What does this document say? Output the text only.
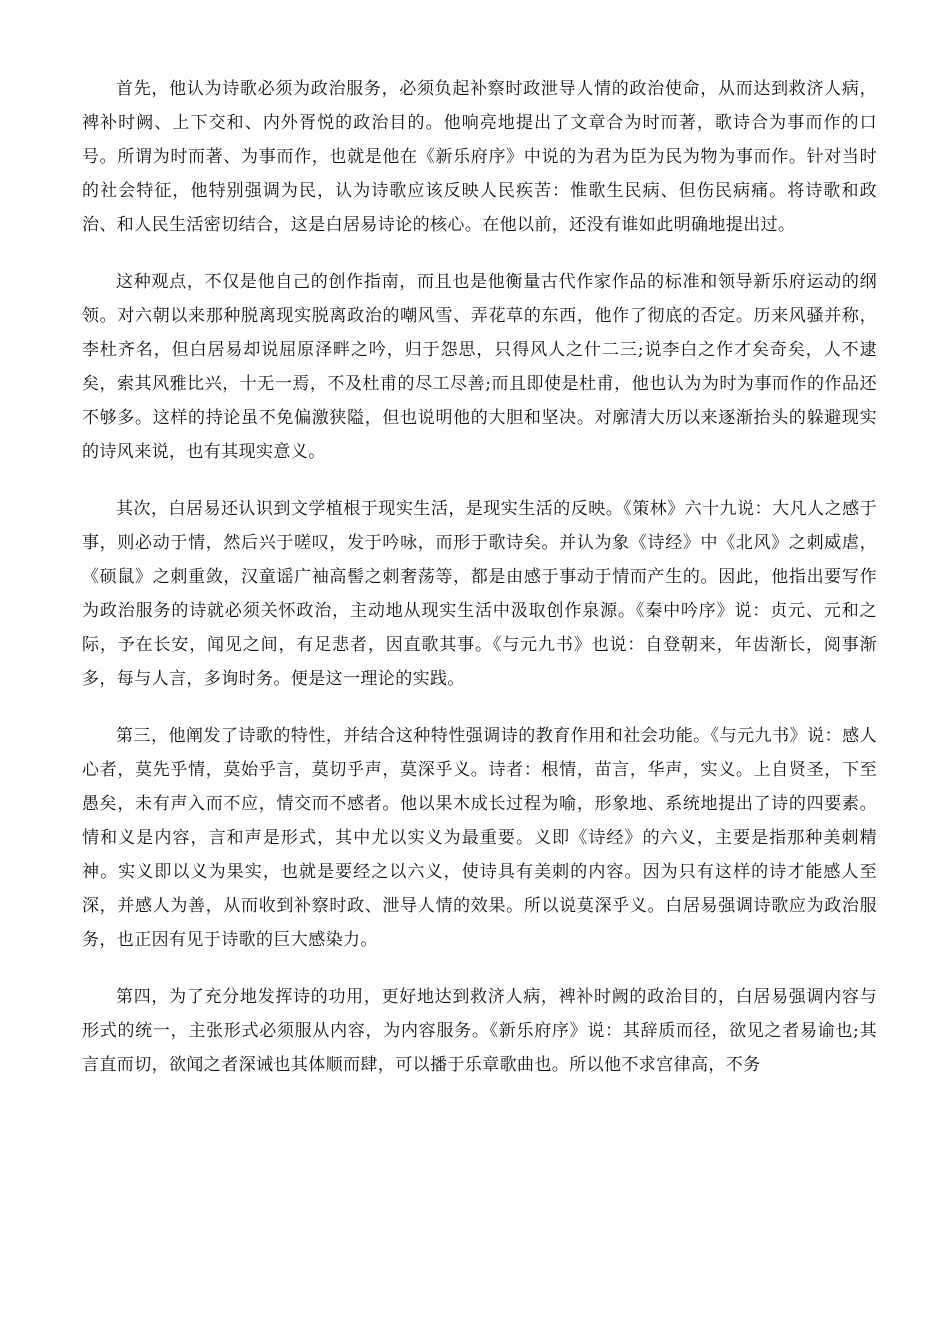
首先，他认为诗歌必须为政治服务，必须负起补察时政泄导人情的政治使命，从而达到救济人病，裨补时阙、上下交和、内外胥悦的政治目的。他响亮地提出了文章合为时而著，歌诗合为事而作的口号。所谓为时而著、为事而作，也就是他在《新乐府序》中说的为君为臣为民为物为事而作。针对当时的社会特征，他特别强调为民，认为诗歌应该反映人民疾苦：惟歌生民病、但伤民病痛。将诗歌和政治、和人民生活密切结合，这是白居易诗论的核心。在他以前，还没有谁如此明确地提出过。

这种观点，不仅是他自己的创作指南，而且也是他衡量古代作家作品的标准和领导新乐府运动的纲领。对六朝以来那种脱离现实脱离政治的嘲风雪、弄花草的东西，他作了彻底的否定。历来风骚并称，李杜齐名，但白居易却说屈原泽畔之吟，归于怨思，只得风人之什二三;说李白之作才矣奇矣，人不逮矣，索其风雅比兴，十无一焉，不及杜甫的尽工尽善;而且即使是杜甫，他也认为为时为事而作的作品还不够多。这样的持论虽不免偏激狭隘，但也说明他的大胆和坚决。对廓清大历以来逐渐抬头的躲避现实的诗风来说，也有其现实意义。

其次，白居易还认识到文学植根于现实生活，是现实生活的反映。《策林》六十九说：大凡人之感于事，则必动于情，然后兴于嗟叹，发于吟咏，而形于歌诗矣。并认为象《诗经》中《北风》之刺威虐，《硕鼠》之刺重敛，汉童谣广袖高髻之刺奢荡等，都是由感于事动于情而产生的。因此，他指出要写作为政治服务的诗就必须关怀政治，主动地从现实生活中汲取创作泉源。《秦中吟序》说：贞元、元和之际，予在长安，闻见之间，有足悲者，因直歌其事。《与元九书》也说：自登朝来，年齿渐长，阅事渐多，每与人言，多询时务。便是这一理论的实践。

第三，他阐发了诗歌的特性，并结合这种特性强调诗的教育作用和社会功能。《与元九书》说：感人心者，莫先乎情，莫始乎言，莫切乎声，莫深乎义。诗者：根情，苗言，华声，实义。上自贤圣，下至愚矣，未有声入而不应，情交而不感者。他以果木成长过程为喻，形象地、系统地提出了诗的四要素。情和义是内容，言和声是形式，其中尤以实义为最重要。义即《诗经》的六义，主要是指那种美刺精神。实义即以义为果实，也就是要经之以六义，使诗具有美刺的内容。因为只有这样的诗才能感人至深，并感人为善，从而收到补察时政、泄导人情的效果。所以说莫深乎义。白居易强调诗歌应为政治服务，也正因有见于诗歌的巨大感染力。

第四，为了充分地发挥诗的功用，更好地达到救济人病，裨补时阙的政治目的，白居易强调内容与形式的统一，主张形式必须服从内容，为内容服务。《新乐府序》说：其辞质而径，欲见之者易谕也;其言直而切，欲闻之者深诫也其体顺而肆，可以播于乐章歌曲也。所以他不求宫律高，不务
